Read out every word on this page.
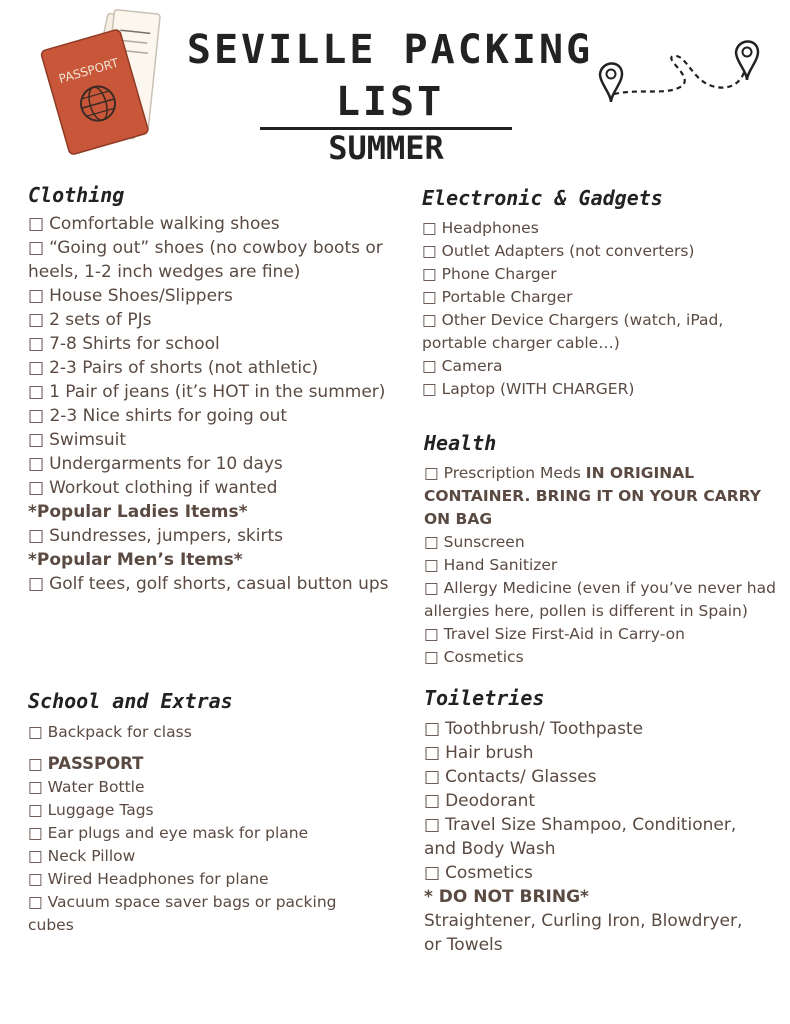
PASSPORT SEVILLE PACKING
LIST
SUMMER
Clothing
□ Comfortable walking shoes
□ “Going out” shoes (no cowboy boots or heels, 1-2 inch wedges are fine)
□ House Shoes/Slippers
□ 2 sets of PJs
□ 7-8 Shirts for school
□ 2-3 Pairs of shorts (not athletic)
□ 1 Pair of jeans (it’s HOT in the summer) □ 2-3 Nice shirts for going out
□ Swimsuit
□ Undergarments for 10 days
□ Workout clothing if wanted
*Popular Ladies Items*
□ Sundresses, jumpers, skirts
*Popular Men’s Items*
□ Golf tees, golf shorts, casual button ups
Electronic & Gadgets
□ Headphones
□ Outlet Adapters (not converters)
□ Phone Charger
□ Portable Charger
□ Other Device Chargers (watch, iPad, portable charger cable…)
□ Camera
□ Laptop (WITH CHARGER)
Health
□ Prescription Meds IN ORIGINAL CONTAINER. BRING IT ON YOUR CARRY ON BAG
□ Sunscreen
□ Hand Sanitizer
□ Allergy Medicine (even if you’ve never had allergies here, pollen is different in Spain)
□ Travel Size First-Aid in Carry-on
□ Cosmetics
School and Extras
□ Backpack for class
□ PASSPORT
□ Water Bottle
□ Luggage Tags
□ Ear plugs and eye mask for plane
□ Neck Pillow
□ Wired Headphones for plane
□ Vacuum space saver bags or packing cubes
Toiletries
□ Toothbrush/ Toothpaste
□ Hair brush
□ Contacts/ Glasses
□ Deodorant
□ Travel Size Shampoo, Conditioner, and Body Wash
□ Cosmetics
* DO NOT BRING*
Straightener, Curling Iron, Blowdryer, or Towels
